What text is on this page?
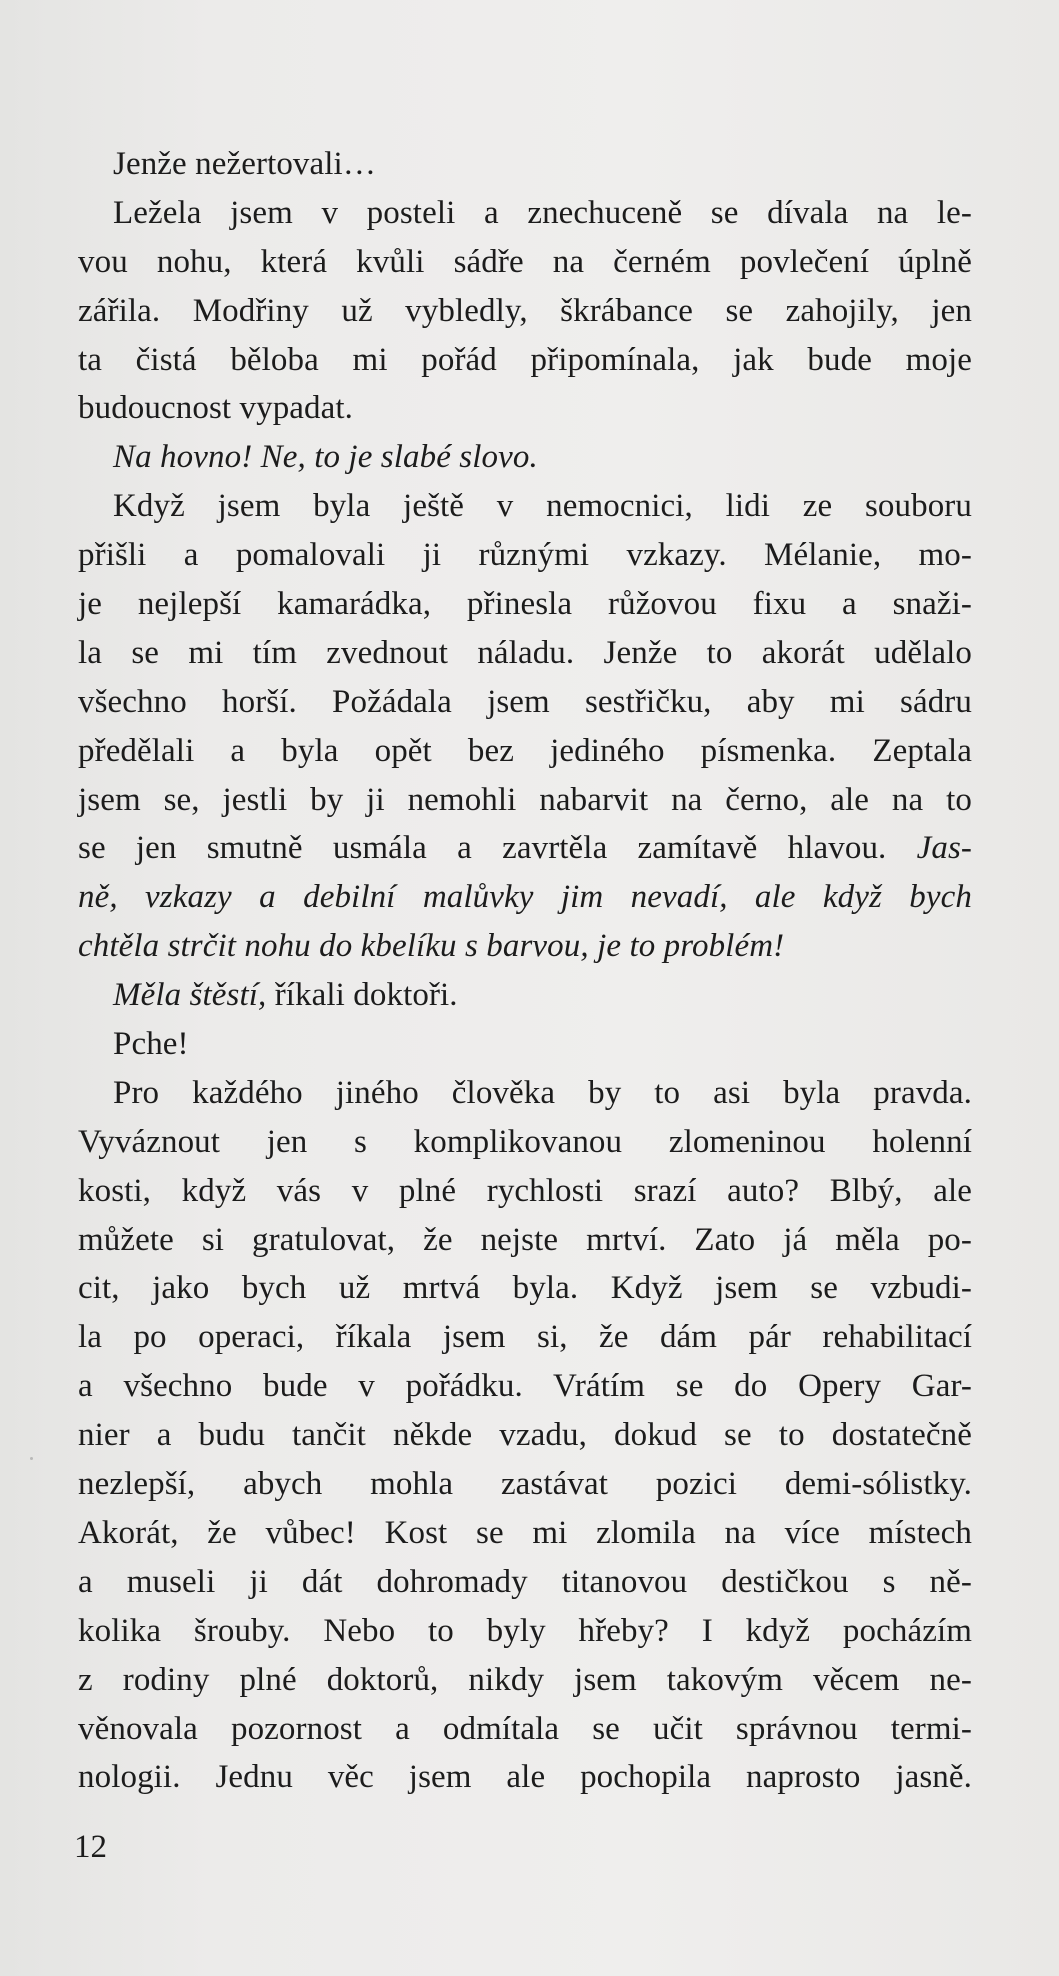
Jenže nežertovali…
Ležela jsem v posteli a znechuceně se dívala na le-
vou nohu, která kvůli sádře na černém povlečení úplně
zářila. Modřiny už vybledly, škrábance se zahojily, jen
ta čistá běloba mi pořád připomínala, jak bude moje
budoucnost vypadat.
Na hovno! Ne, to je slabé slovo.
Když jsem byla ještě v nemocnici, lidi ze souboru
přišli a pomalovali ji různými vzkazy. Mélanie, mo-
je nejlepší kamarádka, přinesla růžovou fixu a snaži-
la se mi tím zvednout náladu. Jenže to akorát udělalo
všechno horší. Požádala jsem sestřičku, aby mi sádru
předělali a byla opět bez jediného písmenka. Zeptala
jsem se, jestli by ji nemohli nabarvit na černo, ale na to
se jen smutně usmála a zavrtěla zamítavě hlavou. Jas-
ně, vzkazy a debilní malůvky jim nevadí, ale když bych
chtěla strčit nohu do kbelíku s barvou, je to problém!
Měla štěstí, říkali doktoři.
Pche!
Pro každého jiného člověka by to asi byla pravda.
Vyváznout jen s komplikovanou zlomeninou holenní
kosti, když vás v plné rychlosti srazí auto? Blbý, ale
můžete si gratulovat, že nejste mrtví. Zato já měla po-
cit, jako bych už mrtvá byla. Když jsem se vzbudi-
la po operaci, říkala jsem si, že dám pár rehabilitací
a všechno bude v pořádku. Vrátím se do Opery Gar-
nier a budu tančit někde vzadu, dokud se to dostatečně
nezlepší, abych mohla zastávat pozici demi-sólistky.
Akorát, že vůbec! Kost se mi zlomila na více místech
a museli ji dát dohromady titanovou destičkou s ně-
kolika šrouby. Nebo to byly hřeby? I když pocházím
z rodiny plné doktorů, nikdy jsem takovým věcem ne-
věnovala pozornost a odmítala se učit správnou termi-
nologii. Jednu věc jsem ale pochopila naprosto jasně.
12
